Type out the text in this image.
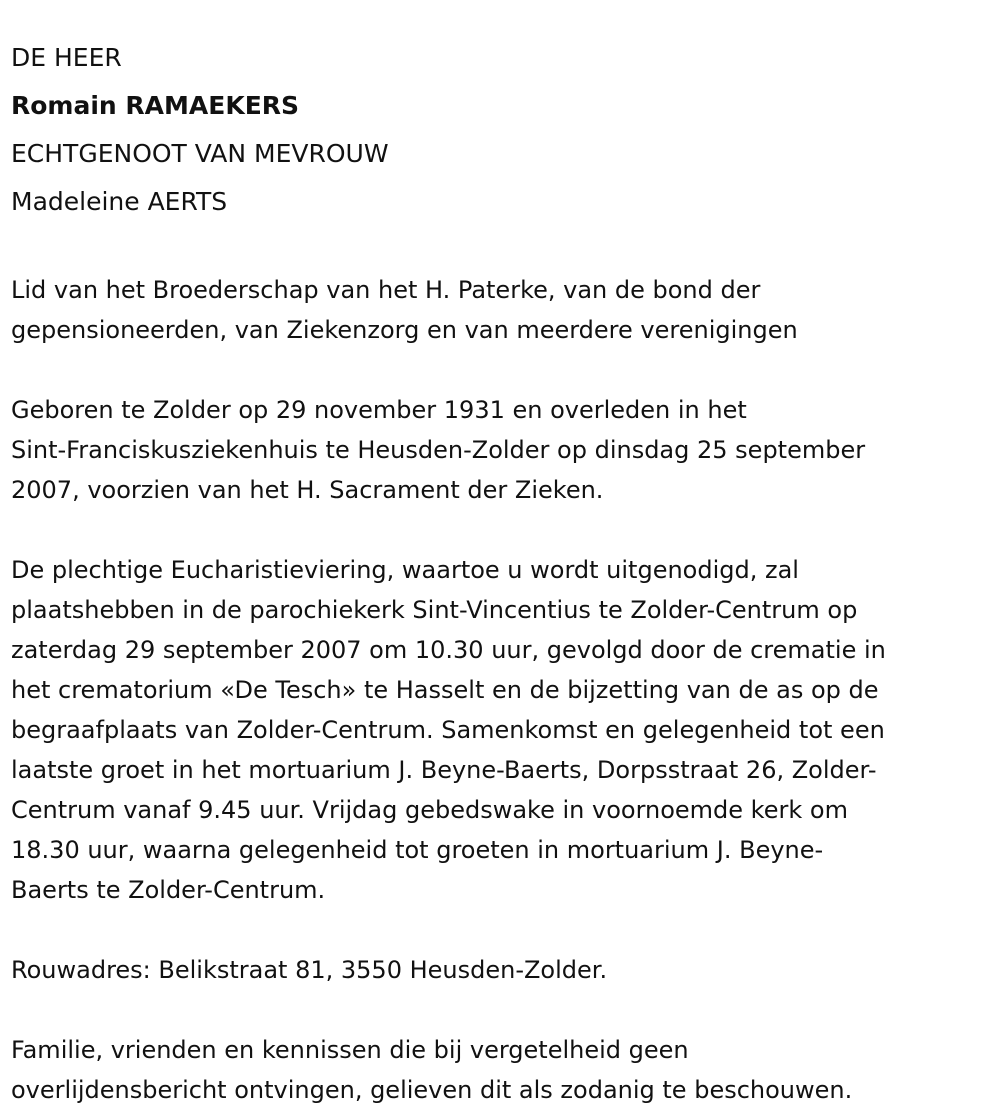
DE HEER

Romain RAMAEKERS

ECHTGENOOT VAN MEVROUW

Madeleine AERTS

Lid van het Broederschap van het H. Paterke, van de bond der
gepensioneerden, van Ziekenzorg en van meerdere verenigingen

Geboren te Zolder op 29 november 1931 en overleden in het
Sint-Franciskusziekenhuis te Heusden-Zolder op dinsdag 25 september
2007, voorzien van het H. Sacrament der Zieken.

De plechtige Eucharistieviering, waartoe u wordt uitgenodigd, zal
plaatshebben in de parochiekerk Sint-Vincentius te Zolder-Centrum op
zaterdag 29 september 2007 om 10.30 uur, gevolgd door de crematie in
het crematorium «De Tesch» te Hasselt en de bijzetting van de as op de
begraafplaats van Zolder-Centrum. Samenkomst en gelegenheid tot een
laatste groet in het mortuarium J. Beyne-Baerts, Dorpsstraat 26, Zolder-
Centrum vanaf 9.45 uur. Vrijdag gebedswake in voornoemde kerk om
18.30 uur, waarna gelegenheid tot groeten in mortuarium J. Beyne-
Baerts te Zolder-Centrum.

Rouwadres: Belikstraat 81, 3550 Heusden-Zolder.

Familie, vrienden en kennissen die bij vergetelheid geen
overlijdensbericht ontvingen, gelieven dit als zodanig te beschouwen.
